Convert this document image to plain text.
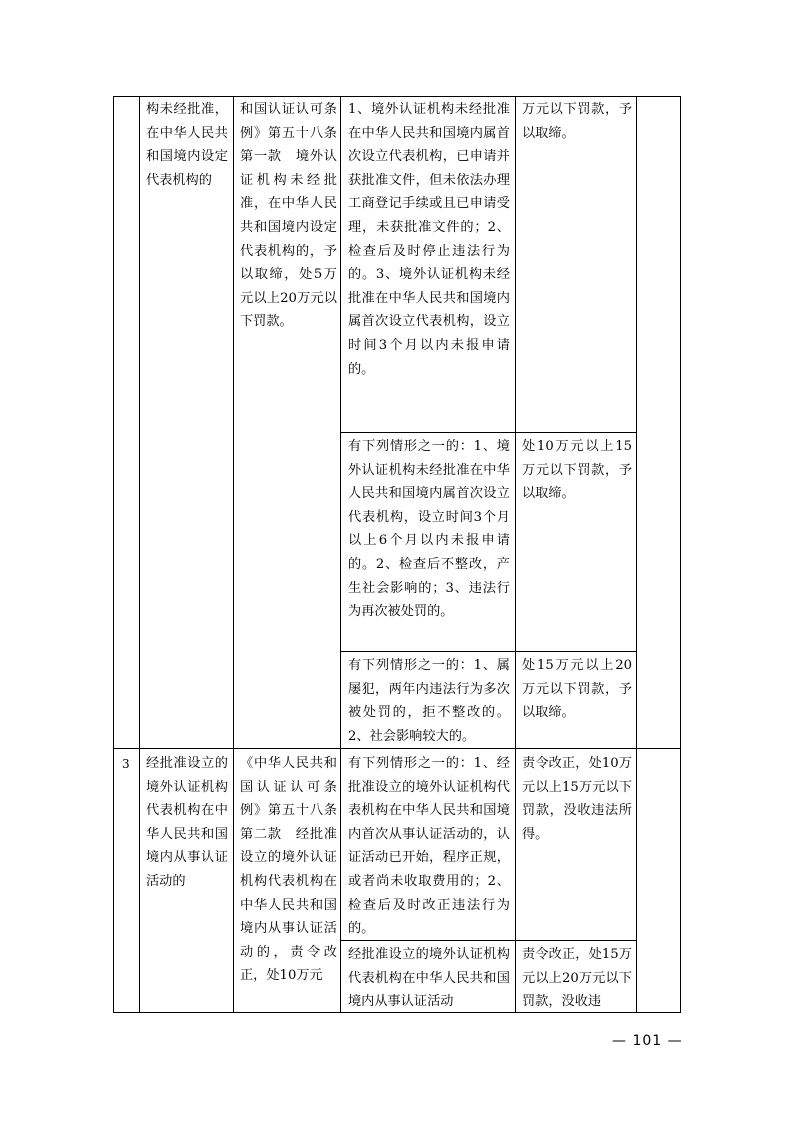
构未经批准，在中华人民共和国境内设定代表机构的
和国认证认可条例》第五十八条第一款　境外认证机构未经批准，在中华人民共和国境内设定代表机构的，予以取缔，处5万元以上20万元以下罚款。
1、境外认证机构未经批准在中华人民共和国境内属首次设立代表机构，已申请并获批准文件，但未依法办理工商登记手续或且已申请受理，未获批准文件的；2、检查后及时停止违法行为的。3、境外认证机构未经批准在中华人民共和国境内属首次设立代表机构，设立时间3个月以内未报申请的。
万元以下罚款，予以取缔。
有下列情形之一的：1、境外认证机构未经批准在中华人民共和国境内属首次设立代表机构，设立时间3个月以上6个月以内未报申请的。2、检查后不整改，产生社会影响的；3、违法行为再次被处罚的。
处10万元以上15万元以下罚款，予以取缔。
有下列情形之一的：1、属屡犯，两年内违法行为多次被处罚的，拒不整改的。2、社会影响较大的。
处15万元以上20万元以下罚款，予以取缔。
3 经批准设立的境外认证机构代表机构在中华人民共和国境内从事认证活动的
《中华人民共和国认证认可条例》第五十八条第二款　经批准设立的境外认证机构代表机构在中华人民共和国境内从事认证活动的，责令改正，处10万元
有下列情形之一的：1、经批准设立的境外认证机构代表机构在中华人民共和国境内首次从事认证活动的，认证活动已开始，程序正规，或者尚未收取费用的；2、检查后及时改正违法行为的。
责令改正，处10万元以上15万元以下罚款，没收违法所得。
经批准设立的境外认证机构代表机构在中华人民共和国境内从事认证活动
责令改正，处15万元以上20万元以下罚款，没收违
— 101 —
